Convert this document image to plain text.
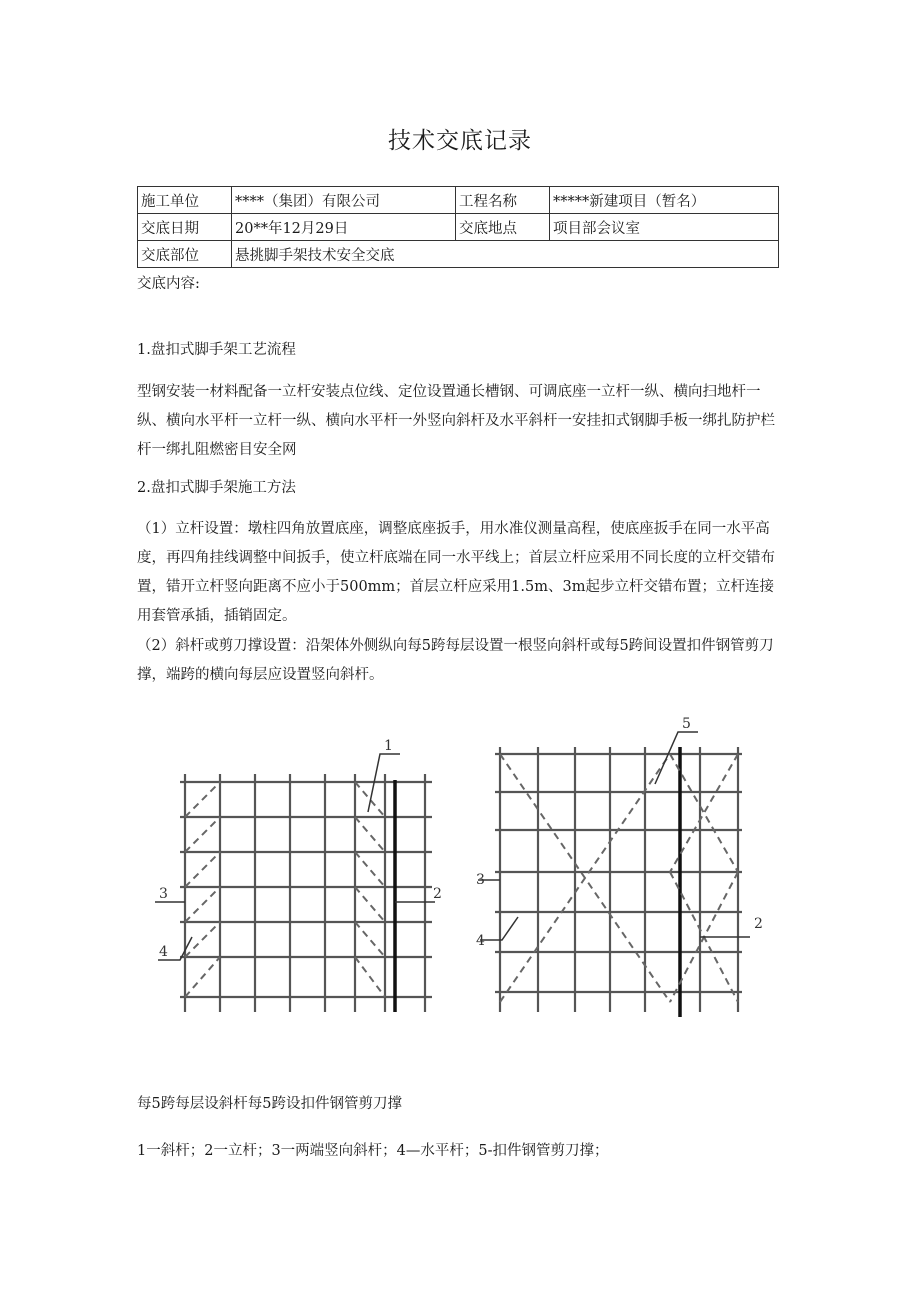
技术交底记录
施工单位	****（集团）有限公司	工程名称	*****新建项目（暂名）
交底日期	20**年12月29日	交底地点	项目部会议室
交底部位	悬挑脚手架技术安全交底		
交底内容:
1.盘扣式脚手架工艺流程
型钢安装一材料配备一立杆安装点位线、定位设置通长槽钢、可调底座一立杆一纵、横向扫地杆一纵、横向水平杆一立杆一纵、横向水平杆一外竖向斜杆及水平斜杆一安挂扣式钢脚手板一绑扎防护栏杆一绑扎阻燃密目安全网
2.盘扣式脚手架施工方法
（1）立杆设置：墩柱四角放置底座，调整底座扳手，用水准仪测量高程，使底座扳手在同一水平高度，再四角挂线调整中间扳手，使立杆底端在同一水平线上；首层立杆应采用不同长度的立杆交错布置，错开立杆竖向距离不应小于500mm；首层立杆应采用1.5m、3m起步立杆交错布置；立杆连接用套管承插，插销固定。
（2）斜杆或剪刀撑设置：沿架体外侧纵向每5跨每层设置一根竖向斜杆或每5跨间设置扣件钢管剪刀撑，端跨的横向每层应设置竖向斜杆。
1
2
3
4
5
2
3
4
每5跨每层设斜杆每5跨设扣件钢管剪刀撑
1一斜杆；2一立杆；3一两端竖向斜杆；4—水平杆；5-扣件钢管剪刀撑；
